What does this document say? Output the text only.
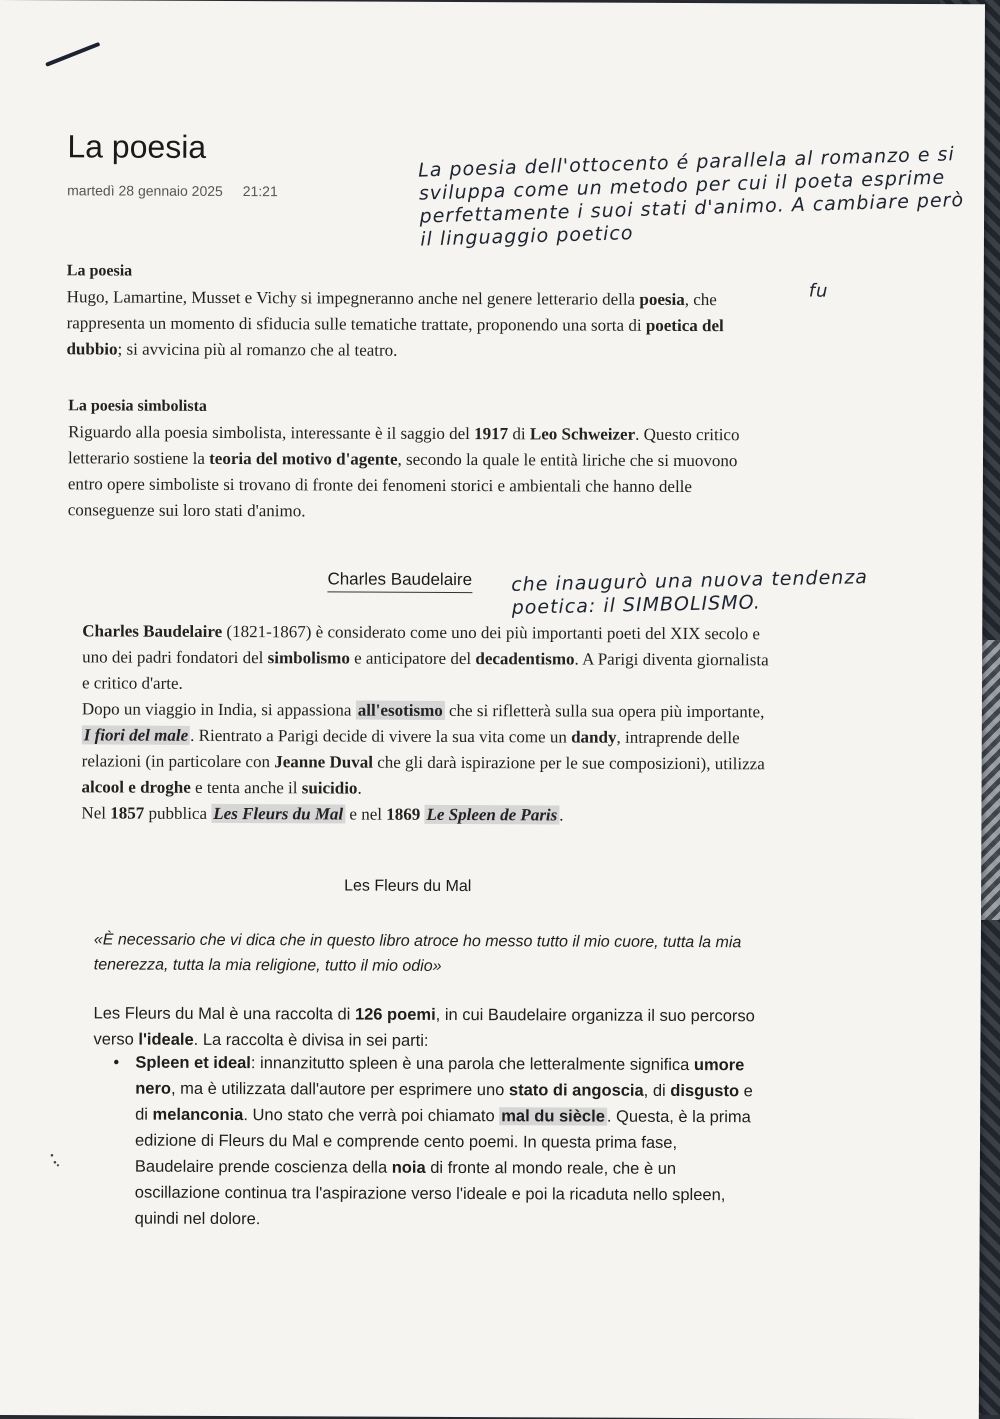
La poesia
martedì 28 gennaio 2025 21:21
La poesia dell'ottocento é parallela al romanzo e si sviluppa come un metodo per cui il poeta esprime perfettamente i suoi stati d'animo. A cambiare però il linguaggio poetico
fu
La poesia

Hugo, Lamartine, Musset e Vichy si impegneranno anche nel genere letterario della poesia, che rappresenta un momento di sfiducia sulle tematiche trattate, proponendo una sorta di poetica del dubbio; si avvicina più al romanzo che al teatro.

La poesia simbolista

Riguardo alla poesia simbolista, interessante è il saggio del 1917 di Leo Schweizer. Questo critico letterario sostiene la teoria del motivo d'agente, secondo la quale le entità liriche che si muovono entro opere simboliste si trovano di fronte dei fenomeni storici e ambientali che hanno delle conseguenze sui loro stati d'animo.

Charles Baudelaire che inaugurò una nuova tendenza poetica: il SIMBOLISMO.

Charles Baudelaire (1821-1867) è considerato come uno dei più importanti poeti del XIX secolo e uno dei padri fondatori del simbolismo e anticipatore del decadentismo. A Parigi diventa giornalista e critico d'arte.

Dopo un viaggio in India, si appassiona all'esotismo che si rifletterà sulla sua opera più importante, I fiori del male . Rientrato a Parigi decide di vivere la sua vita come un dandy, intraprende delle relazioni (in particolare con Jeanne Duval che gli darà ispirazione per le sue composizioni), utilizza alcool e droghe e tenta anche il suicidio.

Nel 1857 pubblica Les Fleurs du Mal e nel 1869 Le Spleen de Paris .

Les Fleurs du Mal
«È necessario che vi dica che in questo libro atroce ho messo tutto il mio cuore, tutta la mia tenerezza, tutta la mia religione, tutto il mio odio»
Les Fleurs du Mal è una raccolta di 126 poemi, in cui Baudelaire organizza il suo percorso verso l'ideale. La raccolta è divisa in sei parti:
• Spleen et ideal: innanzitutto spleen è una parola che letteralmente significa umore nero, ma è utilizzata dall'autore per esprimere uno stato di angoscia, di disgusto e di melanconia. Uno stato che verrà poi chiamato mal du siècle . Questa, è la prima edizione di Fleurs du Mal e comprende cento poemi. In questa prima fase, Baudelaire prende coscienza della noia di fronte al mondo reale, che è un oscillazione continua tra l'aspirazione verso l'ideale e poi la ricaduta nello spleen, quindi nel dolore.
